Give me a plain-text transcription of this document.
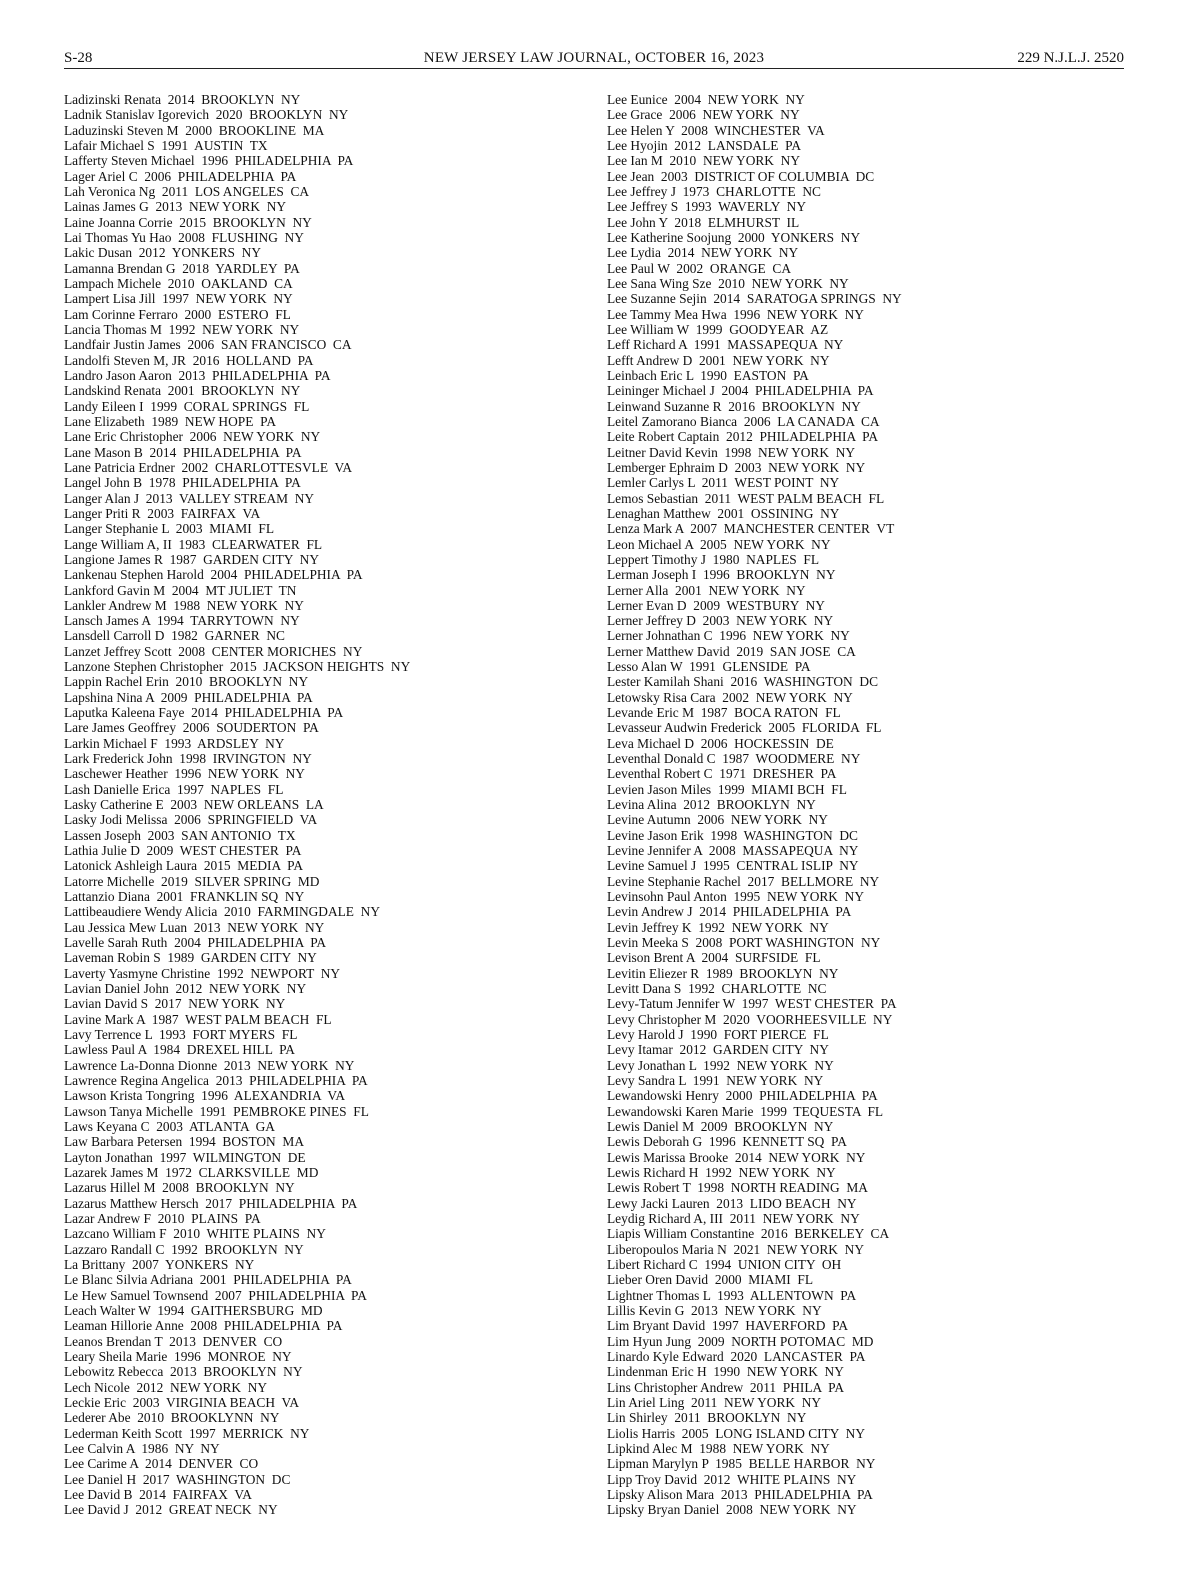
S-28	NEW JERSEY LAW JOURNAL, OCTOBER 16, 2023	229 N.J.L.J. 2520
Ladizinski Renata  2014  BROOKLYN  NY
Ladnik Stanislav Igorevich  2020  BROOKLYN  NY
Laduzinski Steven M  2000  BROOKLINE  MA
Lafair Michael S  1991  AUSTIN  TX
Lafferty Steven Michael  1996  PHILADELPHIA  PA
Lager Ariel C  2006  PHILADELPHIA  PA
Lah Veronica Ng  2011  LOS ANGELES  CA
Lainas James G  2013  NEW YORK  NY
Laine Joanna Corrie  2015  BROOKLYN  NY
Lai Thomas Yu Hao  2008  FLUSHING  NY
Lakic Dusan  2012  YONKERS  NY
Lamanna Brendan G  2018  YARDLEY  PA
Lampach Michele  2010  OAKLAND  CA
Lampert Lisa Jill  1997  NEW YORK  NY
Lam Corinne Ferraro  2000  ESTERO  FL
Lancia Thomas M  1992  NEW YORK  NY
Landfair Justin James  2006  SAN FRANCISCO  CA
Landolfi Steven M, JR  2016  HOLLAND  PA
Landro Jason Aaron  2013  PHILADELPHIA  PA
Landskind Renata  2001  BROOKLYN  NY
Landy Eileen I  1999  CORAL SPRINGS  FL
Lane Elizabeth  1989  NEW HOPE  PA
Lane Eric Christopher  2006  NEW YORK  NY
Lane Mason B  2014  PHILADELPHIA  PA
Lane Patricia Erdner  2002  CHARLOTTESVLE  VA
Langel John B  1978  PHILADELPHIA  PA
Langer Alan J  2013  VALLEY STREAM  NY
Langer Priti R  2003  FAIRFAX  VA
Langer Stephanie L  2003  MIAMI  FL
Lange William A, II  1983  CLEARWATER  FL
Langione James R  1987  GARDEN CITY  NY
Lankenau Stephen Harold  2004  PHILADELPHIA  PA
Lankford Gavin M  2004  MT JULIET  TN
Lankler Andrew M  1988  NEW YORK  NY
Lansch James A  1994  TARRYTOWN  NY
Lansdell Carroll D  1982  GARNER  NC
Lanzet Jeffrey Scott  2008  CENTER MORICHES  NY
Lanzone Stephen Christopher  2015  JACKSON HEIGHTS  NY
Lappin Rachel Erin  2010  BROOKLYN  NY
Lapshina Nina A  2009  PHILADELPHIA  PA
Laputka Kaleena Faye  2014  PHILADELPHIA  PA
Lare James Geoffrey  2006  SOUDERTON  PA
Larkin Michael F  1993  ARDSLEY  NY
Lark Frederick John  1998  IRVINGTON  NY
Laschewer Heather  1996  NEW YORK  NY
Lash Danielle Erica  1997  NAPLES  FL
Lasky Catherine E  2003  NEW ORLEANS  LA
Lasky Jodi Melissa  2006  SPRINGFIELD  VA
Lassen Joseph  2003  SAN ANTONIO  TX
Lathia Julie D  2009  WEST CHESTER  PA
Latonick Ashleigh Laura  2015  MEDIA  PA
Latorre Michelle  2019  SILVER SPRING  MD
Lattanzio Diana  2001  FRANKLIN SQ  NY
Lattibeaudiere Wendy Alicia  2010  FARMINGDALE  NY
Lau Jessica Mew Luan  2013  NEW YORK  NY
Lavelle Sarah Ruth  2004  PHILADELPHIA  PA
Laveman Robin S  1989  GARDEN CITY  NY
Laverty Yasmyne Christine  1992  NEWPORT  NY
Lavian Daniel John  2012  NEW YORK  NY
Lavian David S  2017  NEW YORK  NY
Lavine Mark A  1987  WEST PALM BEACH  FL
Lavy Terrence L  1993  FORT MYERS  FL
Lawless Paul A  1984  DREXEL HILL  PA
Lawrence La-Donna Dionne  2013  NEW YORK  NY
Lawrence Regina Angelica  2013  PHILADELPHIA  PA
Lawson Krista Tongring  1996  ALEXANDRIA  VA
Lawson Tanya Michelle  1991  PEMBROKE PINES  FL
Laws Keyana C  2003  ATLANTA  GA
Law Barbara Petersen  1994  BOSTON  MA
Layton Jonathan  1997  WILMINGTON  DE
Lazarek James M  1972  CLARKSVILLE  MD
Lazarus Hillel M  2008  BROOKLYN  NY
Lazarus Matthew Hersch  2017  PHILADELPHIA  PA
Lazar Andrew F  2010  PLAINS  PA
Lazcano William F  2010  WHITE PLAINS  NY
Lazzaro Randall C  1992  BROOKLYN  NY
La Brittany  2007  YONKERS  NY
Le Blanc Silvia Adriana  2001  PHILADELPHIA  PA
Le Hew Samuel Townsend  2007  PHILADELPHIA  PA
Leach Walter W  1994  GAITHERSBURG  MD
Leaman Hillorie Anne  2008  PHILADELPHIA  PA
Leanos Brendan T  2013  DENVER  CO
Leary Sheila Marie  1996  MONROE  NY
Lebowitz Rebecca  2013  BROOKLYN  NY
Lech Nicole  2012  NEW YORK  NY
Leckie Eric  2003  VIRGINIA BEACH  VA
Lederer Abe  2010  BROOKLYNN  NY
Lederman Keith Scott  1997  MERRICK  NY
Lee Calvin A  1986  NY  NY
Lee Carime A  2014  DENVER  CO
Lee Daniel H  2017  WASHINGTON  DC
Lee David B  2014  FAIRFAX  VA
Lee David J  2012  GREAT NECK  NY
Lee Eunice  2004  NEW YORK  NY
Lee Grace  2006  NEW YORK  NY
Lee Helen Y  2008  WINCHESTER  VA
Lee Hyojin  2012  LANSDALE  PA
Lee Ian M  2010  NEW YORK  NY
Lee Jean  2003  DISTRICT OF COLUMBIA  DC
Lee Jeffrey J  1973  CHARLOTTE  NC
Lee Jeffrey S  1993  WAVERLY  NY
Lee John Y  2018  ELMHURST  IL
Lee Katherine Soojung  2000  YONKERS  NY
Lee Lydia  2014  NEW YORK  NY
Lee Paul W  2002  ORANGE  CA
Lee Sana Wing Sze  2010  NEW YORK  NY
Lee Suzanne Sejin  2014  SARATOGA SPRINGS  NY
Lee Tammy Mea Hwa  1996  NEW YORK  NY
Lee William W  1999  GOODYEAR  AZ
Leff Richard A  1991  MASSAPEQUA  NY
Lefft Andrew D  2001  NEW YORK  NY
Leinbach Eric L  1990  EASTON  PA
Leininger Michael J  2004  PHILADELPHIA  PA
Leinwand Suzanne R  2016  BROOKLYN  NY
Leitel Zamorano Bianca  2006  LA CANADA  CA
Leite Robert Captain  2012  PHILADELPHIA  PA
Leitner David Kevin  1998  NEW YORK  NY
Lemberger Ephraim D  2003  NEW YORK  NY
Lemler Carlys L  2011  WEST POINT  NY
Lemos Sebastian  2011  WEST PALM BEACH  FL
Lenaghan Matthew  2001  OSSINING  NY
Lenza Mark A  2007  MANCHESTER CENTER  VT
Leon Michael A  2005  NEW YORK  NY
Leppert Timothy J  1980  NAPLES  FL
Lerman Joseph I  1996  BROOKLYN  NY
Lerner Alla  2001  NEW YORK  NY
Lerner Evan D  2009  WESTBURY  NY
Lerner Jeffrey D  2003  NEW YORK  NY
Lerner Johnathan C  1996  NEW YORK  NY
Lerner Matthew David  2019  SAN JOSE  CA
Lesso Alan W  1991  GLENSIDE  PA
Lester Kamilah Shani  2016  WASHINGTON  DC
Letowsky Risa Cara  2002  NEW YORK  NY
Levande Eric M  1987  BOCA RATON  FL
Levasseur Audwin Frederick  2005  FLORIDA  FL
Leva Michael D  2006  HOCKESSIN  DE
Leventhal Donald C  1987  WOODMERE  NY
Leventhal Robert C  1971  DRESHER  PA
Levien Jason Miles  1999  MIAMI BCH  FL
Levina Alina  2012  BROOKLYN  NY
Levine Autumn  2006  NEW YORK  NY
Levine Jason Erik  1998  WASHINGTON  DC
Levine Jennifer A  2008  MASSAPEQUA  NY
Levine Samuel J  1995  CENTRAL ISLIP  NY
Levine Stephanie Rachel  2017  BELLMORE  NY
Levinsohn Paul Anton  1995  NEW YORK  NY
Levin Andrew J  2014  PHILADELPHIA  PA
Levin Jeffrey K  1992  NEW YORK  NY
Levin Meeka S  2008  PORT WASHINGTON  NY
Levison Brent A  2004  SURFSIDE  FL
Levitin Eliezer R  1989  BROOKLYN  NY
Levitt Dana S  1992  CHARLOTTE  NC
Levy-Tatum Jennifer W  1997  WEST CHESTER  PA
Levy Christopher M  2020  VOORHEESVILLE  NY
Levy Harold J  1990  FORT PIERCE  FL
Levy Itamar  2012  GARDEN CITY  NY
Levy Jonathan L  1992  NEW YORK  NY
Levy Sandra L  1991  NEW YORK  NY
Lewandowski Henry  2000  PHILADELPHIA  PA
Lewandowski Karen Marie  1999  TEQUESTA  FL
Lewis Daniel M  2009  BROOKLYN  NY
Lewis Deborah G  1996  KENNETT SQ  PA
Lewis Marissa Brooke  2014  NEW YORK  NY
Lewis Richard H  1992  NEW YORK  NY
Lewis Robert T  1998  NORTH READING  MA
Lewy Jacki Lauren  2013  LIDO BEACH  NY
Leydig Richard A, III  2011  NEW YORK  NY
Liapis William Constantine  2016  BERKELEY  CA
Liberopoulos Maria N  2021  NEW YORK  NY
Libert Richard C  1994  UNION CITY  OH
Lieber Oren David  2000  MIAMI  FL
Lightner Thomas L  1993  ALLENTOWN  PA
Lillis Kevin G  2013  NEW YORK  NY
Lim Bryant David  1997  HAVERFORD  PA
Lim Hyun Jung  2009  NORTH POTOMAC  MD
Linardo Kyle Edward  2020  LANCASTER  PA
Lindenman Eric H  1990  NEW YORK  NY
Lins Christopher Andrew  2011  PHILA  PA
Lin Ariel Ling  2011  NEW YORK  NY
Lin Shirley  2011  BROOKLYN  NY
Liolis Harris  2005  LONG ISLAND CITY  NY
Lipkind Alec M  1988  NEW YORK  NY
Lipman Marylyn P  1985  BELLE HARBOR  NY
Lipp Troy David  2012  WHITE PLAINS  NY
Lipsky Alison Mara  2013  PHILADELPHIA  PA
Lipsky Bryan Daniel  2008  NEW YORK  NY
